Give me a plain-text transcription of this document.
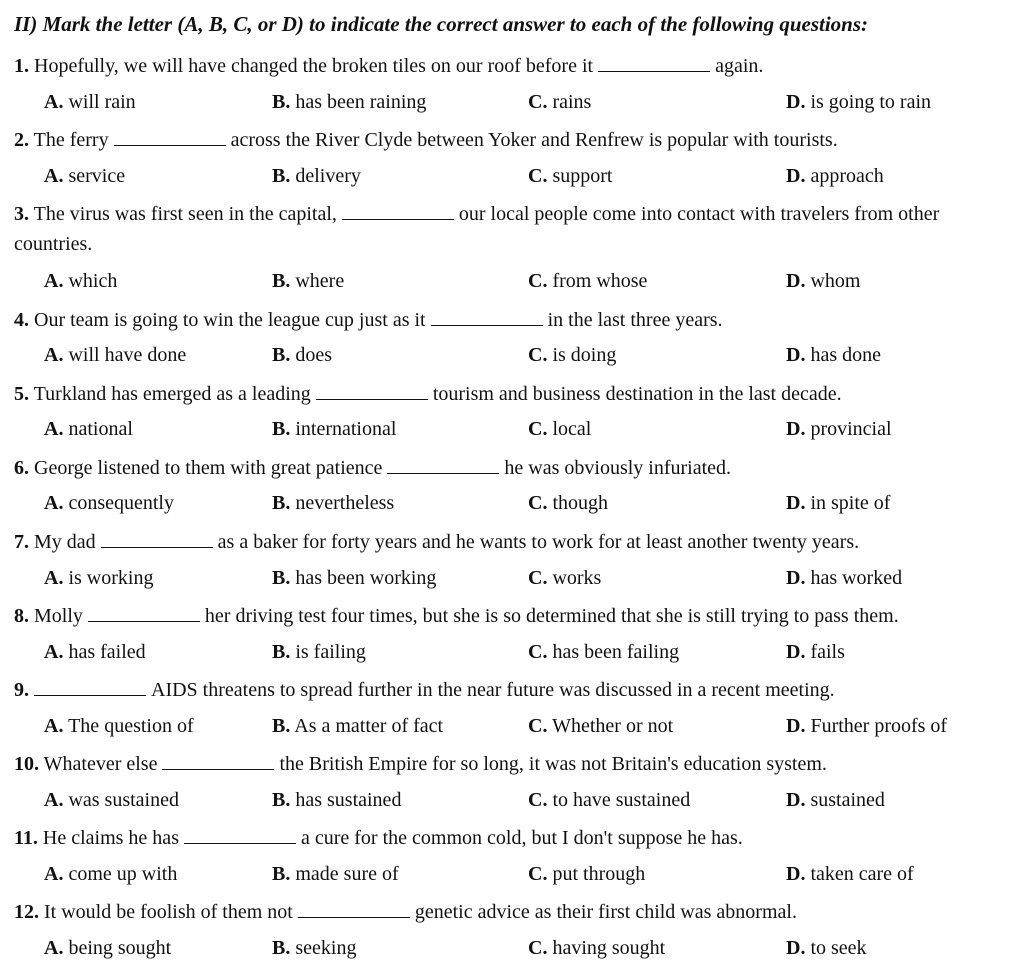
II) Mark the letter (A, B, C, or D) to indicate the correct answer to each of the following questions:
1. Hopefully, we will have changed the broken tiles on our roof before it	again.
A. will rain	B. has been raining	C. rains	D. is going to rain
2. The ferry	across the River Clyde between Yoker and Renfrew is popular with tourists.
A. service	B. delivery	C. support	D. approach
3. The virus was first seen in the capital,	our local people come into contact with travelers from other countries.
A. which	B. where	C. from whose	D. whom
4. Our team is going to win the league cup just as it	in the last three years.
A. will have done	B. does	C. is doing	D. has done
5. Turkland has emerged as a leading	tourism and business destination in the last decade.
A. national	B. international	C. local	D. provincial
6. George listened to them with great patience	he was obviously infuriated.
A. consequently	B. nevertheless	C. though	D. in spite of
7. My dad	as a baker for forty years and he wants to work for at least another twenty years.
A. is working	B. has been working	C. works	D. has worked
8. Molly	her driving test four times, but she is so determined that she is still trying to pass them.
A. has failed	B. is failing	C. has been failing	D. fails
9.	AIDS threatens to spread further in the near future was discussed in a recent meeting.
A. The question of	B. As a matter of fact	C. Whether or not	D. Further proofs of
10. Whatever else	the British Empire for so long, it was not Britain's education system.
A. was sustained	B. has sustained	C. to have sustained	D. sustained
11. He claims he has	a cure for the common cold, but I don't suppose he has.
A. come up with	B. made sure of	C. put through	D. taken care of
12. It would be foolish of them not	genetic advice as their first child was abnormal.
A. being sought	B. seeking	C. having sought	D. to seek
